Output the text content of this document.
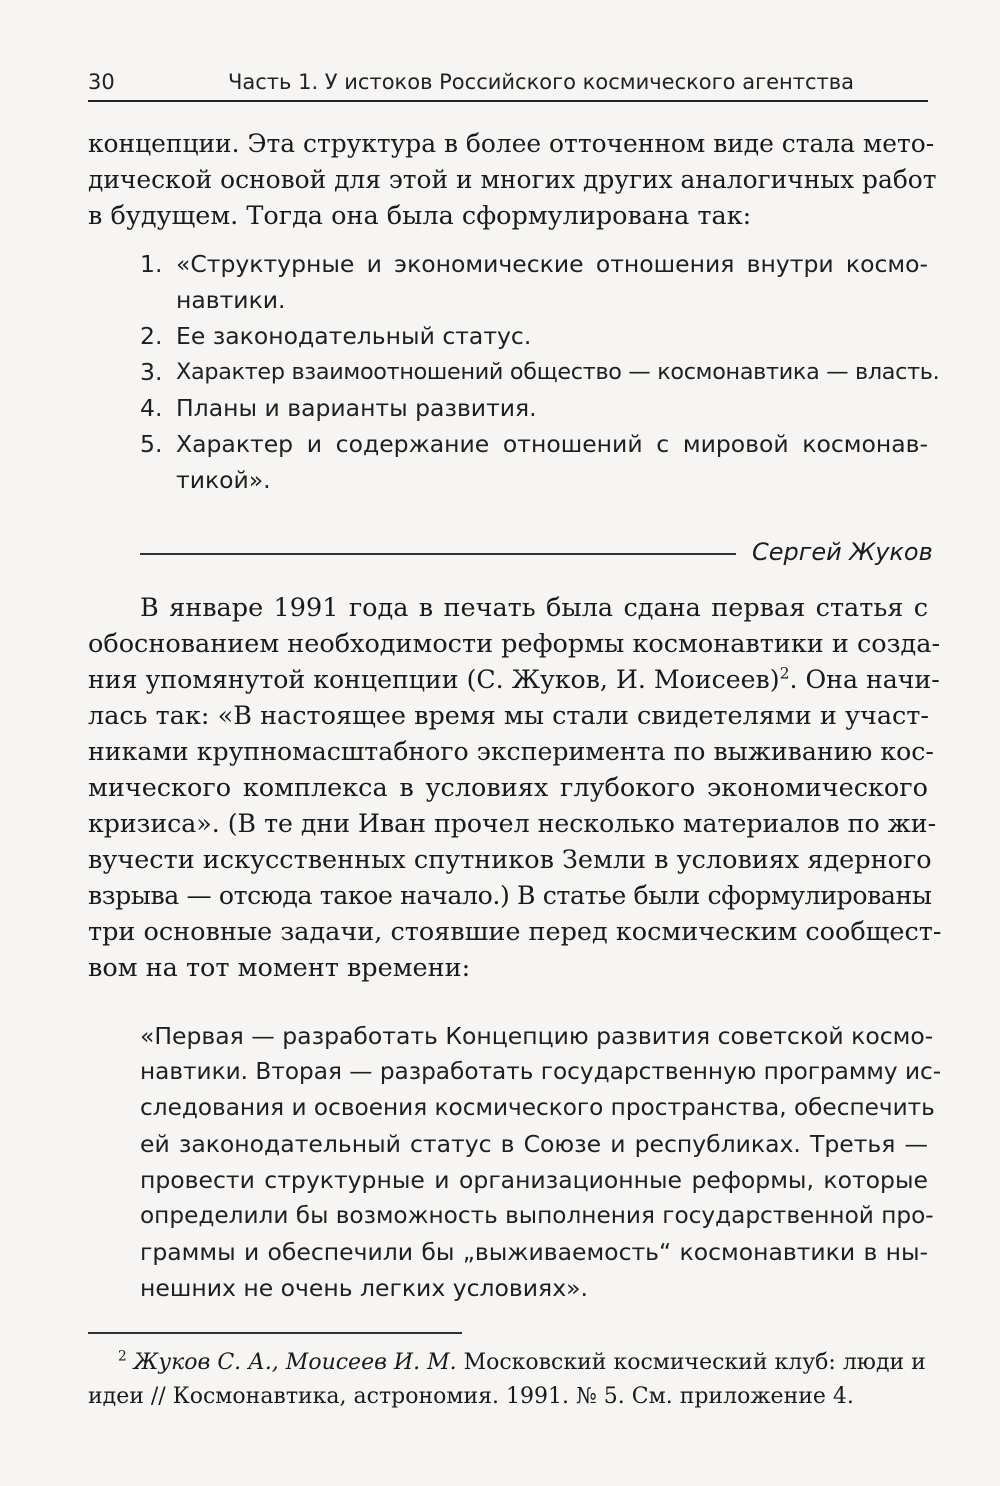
30	Часть 1. У истоков Российского космического агентства
концепции. Эта структура в более отточенном виде стала мето-
дической основой для этой и многих других аналогичных работ
в будущем. Тогда она была сформулирована так:
1. «Структурные и экономические отношения внутри космо-
навтики.
2. Ее законодательный статус.
3. Характер взаимоотношений общество — космонавтика — власть.
4. Планы и варианты развития.
5. Характер и содержание отношений с мировой космонав-
тикой».
Сергей Жуков
В январе 1991 года в печать была сдана первая статья с
обоснованием необходимости реформы космонавтики и созда-
ния упомянутой концепции (С. Жуков, И. Моисеев)$^2$. Она начи-
лась так: «В настоящее время мы стали свидетелями и участ-
никами крупномасштабного эксперимента по выживанию кос-
мического комплекса в условиях глубокого экономического
кризиса». (В те дни Иван прочел несколько материалов по жи-
вучести искусственных спутников Земли в условиях ядерного
взрыва — отсюда такое начало.) В статье были сформулированы
три основные задачи, стоявшие перед космическим сообщест-
вом на тот момент времени:
«Первая — разработать Концепцию развития советской космо-
навтики. Вторая — разработать государственную программу ис-
следования и освоения космического пространства, обеспечить
ей законодательный статус в Союзе и республиках. Третья —
провести структурные и организационные реформы, которые
определили бы возможность выполнения государственной про-
граммы и обеспечили бы „выживаемость“ космонавтики в ны-
нешних не очень легких условиях».
$^2$ Жуков С. А., Моисеев И. М. Московский космический клуб: люди и
идеи // Космонавтика, астрономия. 1991. № 5. См. приложение 4.
